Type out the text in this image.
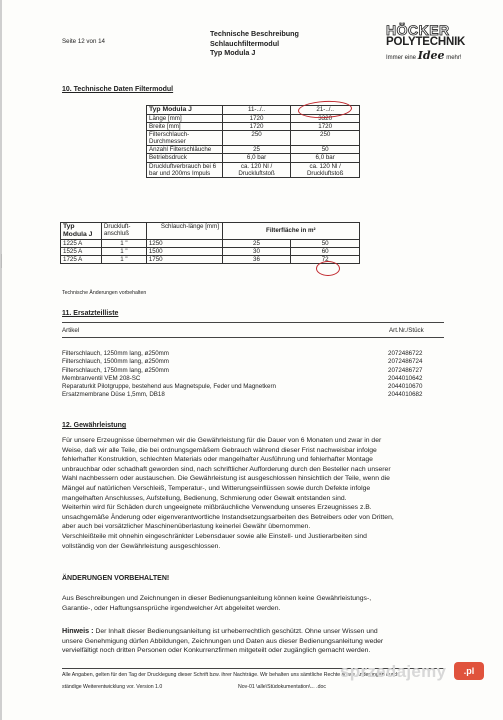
Seite 12 von 14
Technische Beschreibung
Schlauchfiltermodul
Typ Modula J
HÖCKER
POLYTECHNIK
Immer eine Idee mehr!
10. Technische Daten Filtermodul
Typ Modula J	11-../..	21-../..
Länge [mm]	1720	3320
Breite [mm]	1720	1720
Filterschlauch-Durchmesser	250	250
Anzahl Filterschläuche	25	50
Betriebsdruck	6,0 bar	6,0 bar
Druckluftverbrauch bei 6 bar und 200ms Impuls	ca. 120 Nl / Druckluftstoß	ca. 120 Nl / Druckluftstoß
Typ Modula J	Druckluft-anschluß	Schlauch-länge [mm]	Filterfläche in m²	
1225 A	1 "	1250	25	50
1525 A	1 "	1500	30	60
1725 A	1 "	1750	36	72
Technische Änderungen vorbehalten
11. Ersatzteilliste
Artikel	Art.Nr./Stück
Filterschlauch, 1250mm lang, ø250mm	2072486722
Filterschlauch, 1500mm lang, ø250mm	2072486724
Filterschlauch, 1750mm lang, ø250mm	2072486727
Membranventil VEM 208-SC	2044010642
Reparaturkit Pilotgruppe, bestehend aus Magnetspule, Feder und Magnetkern	2044010670
Ersatzmembrane Düse 1,5mm, DB18	2044010682
12. Gewährleistung
Für unsere Erzeugnisse übernehmen wir die Gewährleistung für die Dauer von 6 Monaten und zwar in der
Weise, daß wir alle Teile, die bei ordnungsgemäßem Gebrauch während dieser Frist nachweisbar infolge
fehlerhafter Konstruktion, schlechten Materials oder mangelhafter Ausführung und fehlerhafter Montage
unbrauchbar oder schadhaft geworden sind, nach schriftlicher Aufforderung durch den Besteller nach unserer
Wahl nachbessern oder austauschen. Die Gewährleistung ist ausgeschlossen hinsichtlich der Teile, wenn die
Mängel auf natürlichen Verschleiß, Temperatur-, und Witterungseinflüssen sowie durch Defekte infolge
mangelhaften Anschlusses, Aufstellung, Bedienung, Schmierung oder Gewalt entstanden sind.
Weiterhin wird für Schäden durch ungeeignete mißbräuchliche Verwendung unseres Erzeugnisses z.B.
unsachgemäße Änderung oder eigenverantwortliche Instandsetzungsarbeiten des Betreibers oder von Dritten,
aber auch bei vorsätzlicher Maschinenüberlastung keinerlei Gewähr übernommen.
Verschleißteile mit ohnehin eingeschränkter Lebensdauer sowie alle Einstell- und Justierarbeiten sind
vollständig von der Gewährleistung ausgeschlossen.
ÄNDERUNGEN VORBEHALTEN!
Aus Beschreibungen und Zeichnungen in dieser Bedienungsanleitung können keine Gewährleistungs-,
Garantie-, oder Haftungsansprüche irgendwelcher Art abgeleitet werden.
Hinweis : Der Inhalt dieser Bedienungsanleitung ist urheberrechtlich geschützt. Ohne unser Wissen und
unsere Genehmigung dürfen Abbildungen, Zeichnungen und Daten aus dieser Bedienungsanleitung weder
vervielfältigt noch dritten Personen oder Konkurrenzfirmen mitgeteilt oder zugänglich gemacht werden.
Alle Angaben, gelten für den Tag der Drucklegung dieser Schrift bzw. ihrer Nachträge. Wir behalten uns sämtliche Rechte sowie Änderungen durch
ständige Weiterentwicklung vor. Version 1.0	Nov-01 \alle\Stüdokumentation\... .doc
sprzedajemy	.pl
